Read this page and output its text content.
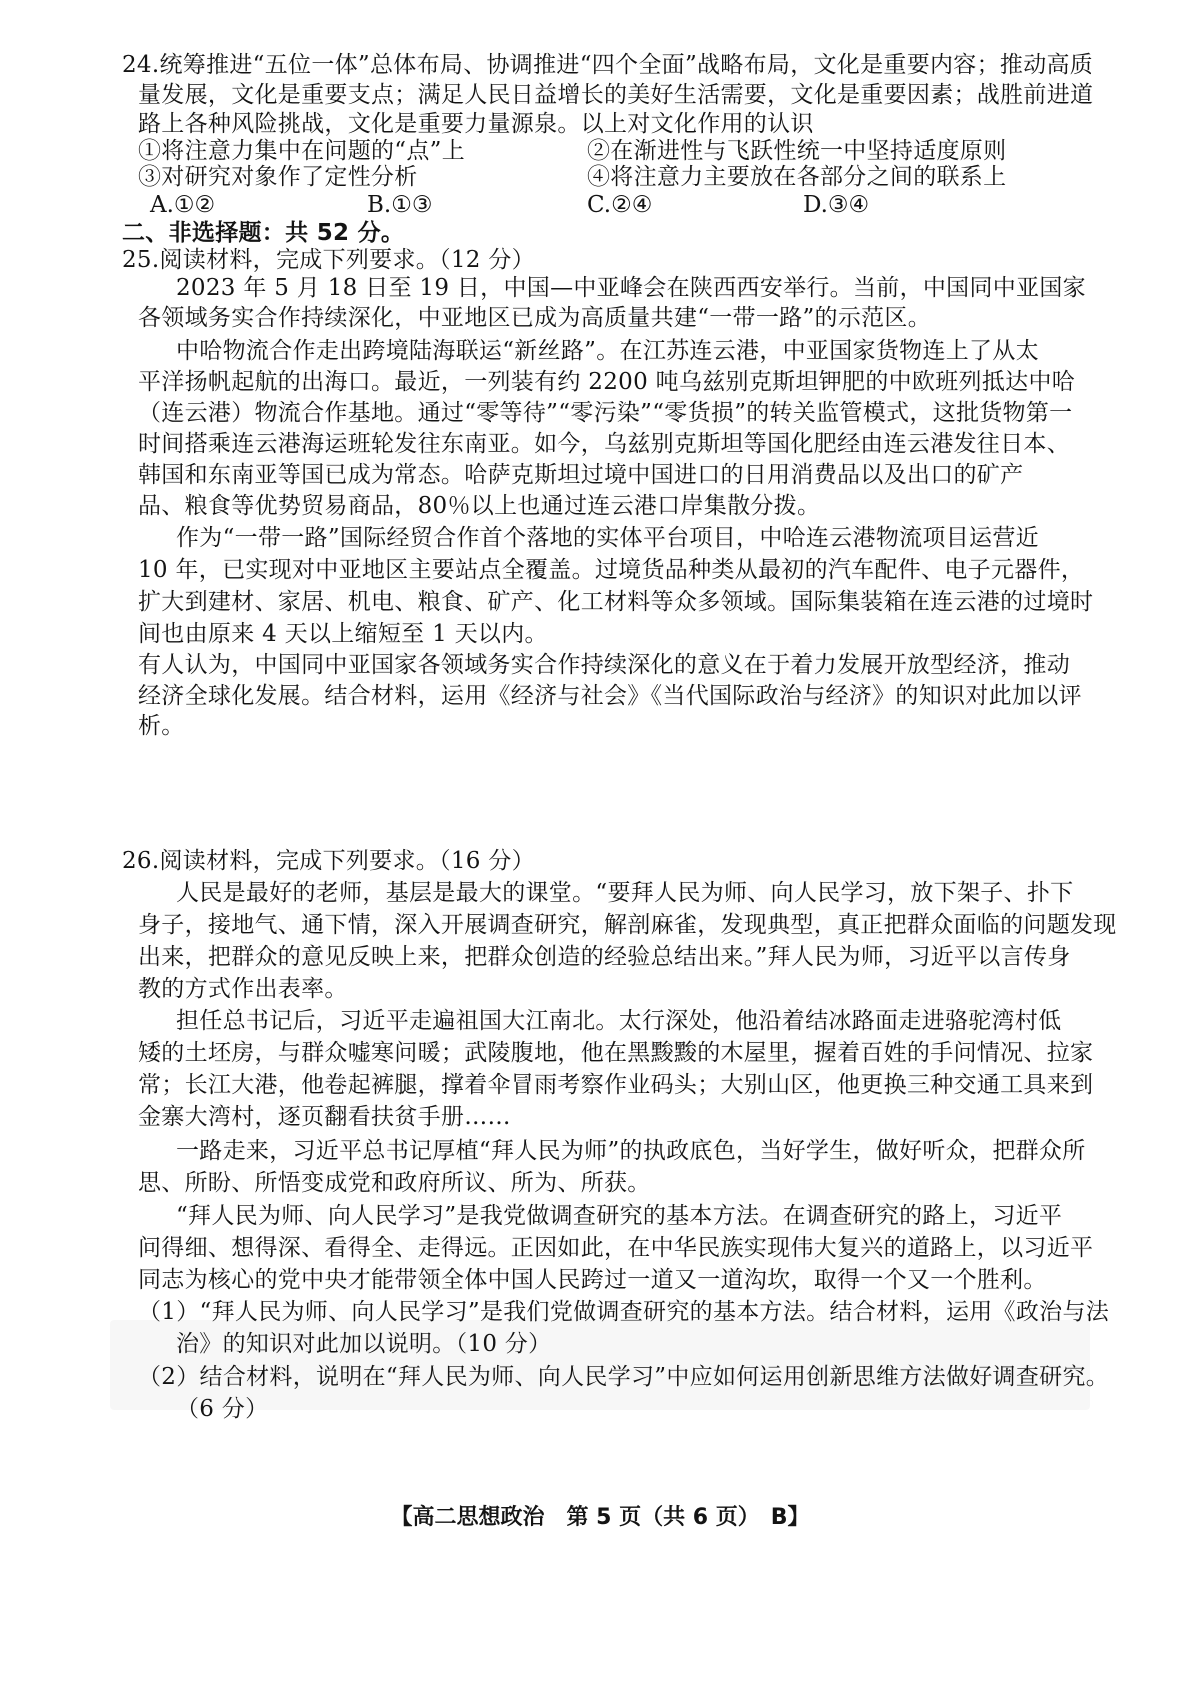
24.统筹推进“五位一体”总体布局、协调推进“四个全面”战略布局，文化是重要内容；推动高质
量发展，文化是重要支点；满足人民日益增长的美好生活需要，文化是重要因素；战胜前进道
路上各种风险挑战，文化是重要力量源泉。以上对文化作用的认识
①将注意力集中在问题的“点”上	②在渐进性与飞跃性统一中坚持适度原则
③对研究对象作了定性分析	④将注意力主要放在各部分之间的联系上
A.①②	B.①③	C.②④	D.③④
二、非选择题：共 52 分。
25.阅读材料，完成下列要求。（12 分）
2023 年 5 月 18 日至 19 日，中国—中亚峰会在陕西西安举行。当前，中国同中亚国家
各领域务实合作持续深化，中亚地区已成为高质量共建“一带一路”的示范区。
中哈物流合作走出跨境陆海联运“新丝路”。在江苏连云港，中亚国家货物连上了从太
平洋扬帆起航的出海口。最近，一列装有约 2200 吨乌兹别克斯坦钾肥的中欧班列抵达中哈
（连云港）物流合作基地。通过“零等待”“零污染”“零货损”的转关监管模式，这批货物第一
时间搭乘连云港海运班轮发往东南亚。如今，乌兹别克斯坦等国化肥经由连云港发往日本、
韩国和东南亚等国已成为常态。哈萨克斯坦过境中国进口的日用消费品以及出口的矿产
品、粮食等优势贸易商品，80％以上也通过连云港口岸集散分拨。
作为“一带一路”国际经贸合作首个落地的实体平台项目，中哈连云港物流项目运营近
10 年，已实现对中亚地区主要站点全覆盖。过境货品种类从最初的汽车配件、电子元器件，
扩大到建材、家居、机电、粮食、矿产、化工材料等众多领域。国际集装箱在连云港的过境时
间也由原来 4 天以上缩短至 1 天以内。
有人认为，中国同中亚国家各领域务实合作持续深化的意义在于着力发展开放型经济，推动
经济全球化发展。结合材料，运用《经济与社会》《当代国际政治与经济》的知识对此加以评
析。
26.阅读材料，完成下列要求。（16 分）
人民是最好的老师，基层是最大的课堂。“要拜人民为师、向人民学习，放下架子、扑下
身子，接地气、通下情，深入开展调查研究，解剖麻雀，发现典型，真正把群众面临的问题发现
出来，把群众的意见反映上来，把群众创造的经验总结出来。”拜人民为师，习近平以言传身
教的方式作出表率。
担任总书记后，习近平走遍祖国大江南北。太行深处，他沿着结冰路面走进骆驼湾村低
矮的土坯房，与群众嘘寒问暖；武陵腹地，他在黑黢黢的木屋里，握着百姓的手问情况、拉家
常；长江大港，他卷起裤腿，撑着伞冒雨考察作业码头；大别山区，他更换三种交通工具来到
金寨大湾村，逐页翻看扶贫手册……
一路走来，习近平总书记厚植“拜人民为师”的执政底色，当好学生，做好听众，把群众所
思、所盼、所悟变成党和政府所议、所为、所获。
“拜人民为师、向人民学习”是我党做调查研究的基本方法。在调查研究的路上，习近平
问得细、想得深、看得全、走得远。正因如此，在中华民族实现伟大复兴的道路上，以习近平
同志为核心的党中央才能带领全体中国人民跨过一道又一道沟坎，取得一个又一个胜利。
（1）“拜人民为师、向人民学习”是我们党做调查研究的基本方法。结合材料，运用《政治与法
治》的知识对此加以说明。（10 分）
（2）结合材料，说明在“拜人民为师、向人民学习”中应如何运用创新思维方法做好调查研究。
（6 分）
【高二思想政治　第 5 页（共 6 页）　B】
